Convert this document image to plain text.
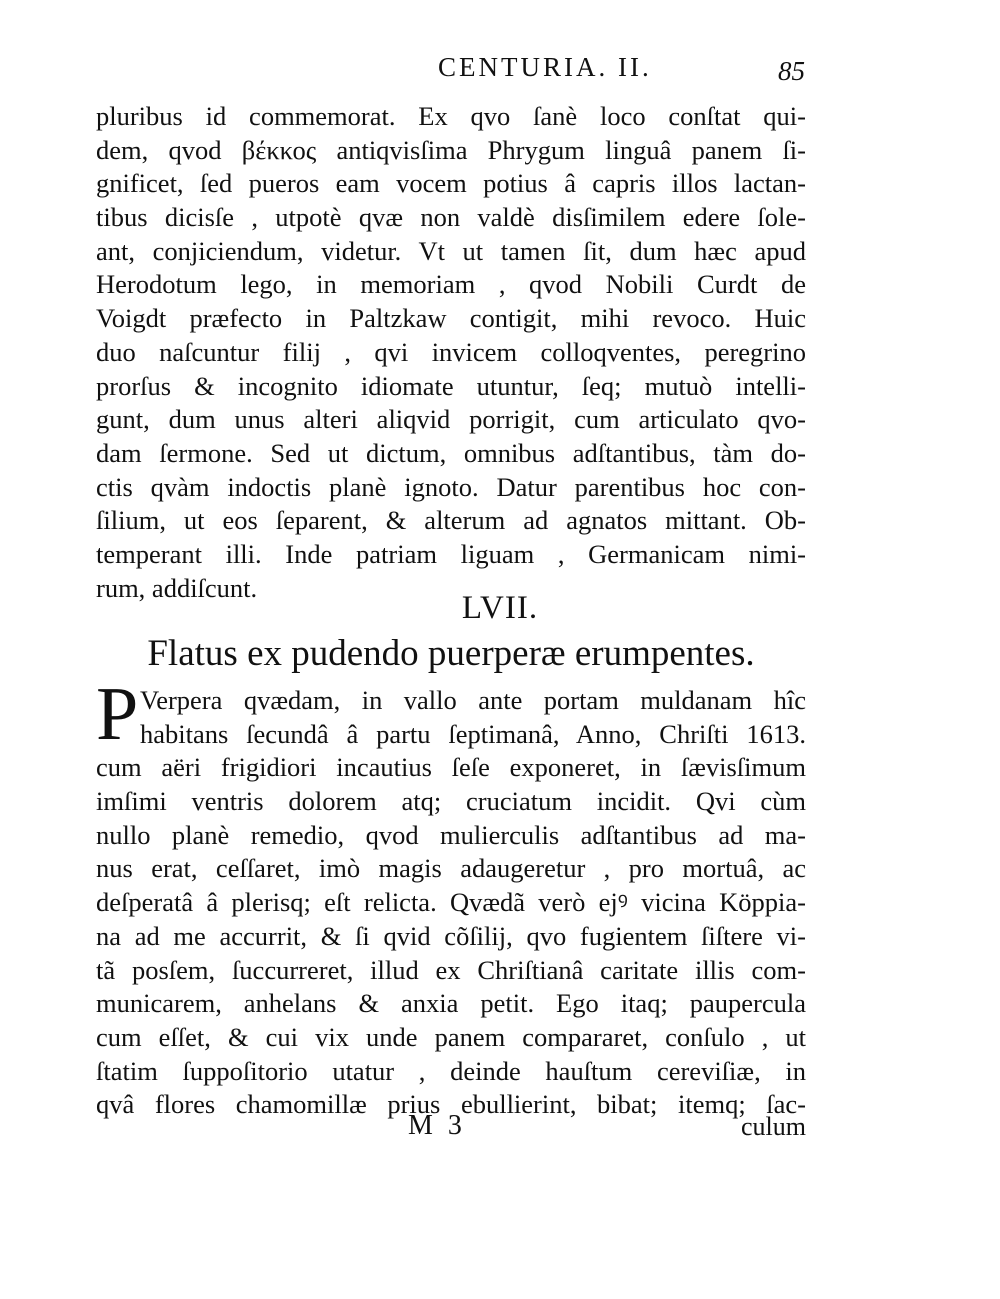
CENTURIA. II.	85
pluribus id commemorat. Ex qvo ſanè loco conſtat qui-
dem, qvod βέκκος antiqvisſima Phrygum linguâ panem ſi-
gnificet, ſed pueros eam vocem potius â capris illos lactan-
tibus dicisſe , utpotè qvæ non valdè disſimilem edere ſole-
ant, conjiciendum, videtur. Vt ut tamen ſit, dum hæc apud
Herodotum lego, in memoriam , qvod Nobili Curdt de
Voigdt præfecto in Paltzkaw contigit, mihi revoco. Huic
duo naſcuntur filij , qvi invicem colloqventes, peregrino
prorſus & incognito idiomate utuntur, ſeq; mutuò intelli-
gunt, dum unus alteri aliqvid porrigit, cum articulato qvo-
dam ſermone. Sed ut dictum, omnibus adſtantibus, tàm do-
ctis qvàm indoctis planè ignoto. Datur parentibus hoc con-
ſilium, ut eos ſeparent, & alterum ad agnatos mittant. Ob-
temperant illi. Inde patriam liguam , Germanicam nimi-
rum, addiſcunt.
LVII.
Flatus ex pudendo puerperæ erumpentes.
P Verpera qvædam, in vallo ante portam muldanam hîc
habitans ſecundâ â partu ſeptimanâ, Anno, Chriſti 1613.
cum aëri frigidiori incautius ſeſe exponeret, in ſævisſimum
imſimi ventris dolorem atq; cruciatum incidit. Qvi cùm
nullo planè remedio, qvod mulierculis adſtantibus ad ma-
nus erat, ceſſaret, imò magis adaugeretur , pro mortuâ, ac
deſperatâ â plerisq; eſt relicta. Qvædã verò ejꝰ vicina Köppia-
na ad me accurrit, & ſi qvid cõſilij, qvo fugientem ſiſtere vi-
tã posſem, ſuccurreret, illud ex Chriſtianâ caritate illis com-
municarem, anhelans & anxia petit. Ego itaq; paupercula
cum eſſet, & cui vix unde panem compararet, conſulo , ut
ſtatim ſuppoſitorio utatur , deinde hauſtum cereviſiæ, in
qvâ flores chamomillæ prius ebullierint, bibat; itemq; ſac-
M 3	culum
